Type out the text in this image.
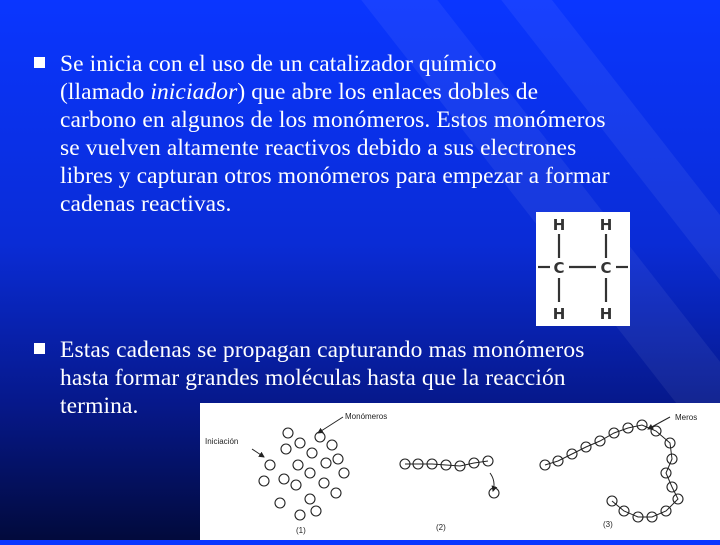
Se inicia con el uso de un catalizador químico
(llamado iniciador) que abre los enlaces dobles de
carbono en algunos de los monómeros. Estos monómeros
se vuelven altamente reactivos debido a sus electrones
libres y capturan otros monómeros para empezar a formar
cadenas reactivas.
H H
C C
H H
Estas cadenas se propagan capturando mas monómeros
hasta formar grandes moléculas hasta que la reacción
termina.	Monómeros
Iniciación
Meros
(1)	(2)	(3)
